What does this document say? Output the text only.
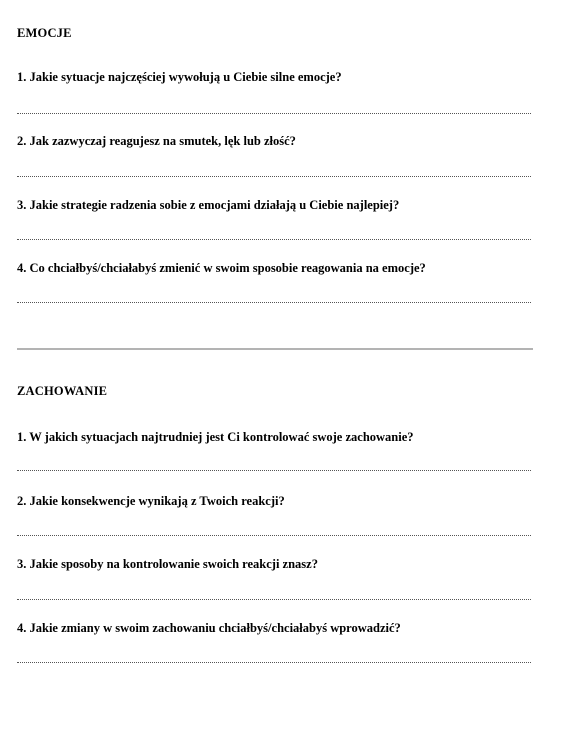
EMOCJE
1. Jakie sytuacje najczęściej wywołują u Ciebie silne emocje?
2. Jak zazwyczaj reagujesz na smutek, lęk lub złość?
3. Jakie strategie radzenia sobie z emocjami działają u Ciebie najlepiej?
4. Co chciałbyś/chciałabyś zmienić w swoim sposobie reagowania na emocje?
ZACHOWANIE
1. W jakich sytuacjach najtrudniej jest Ci kontrolować swoje zachowanie?
2. Jakie konsekwencje wynikają z Twoich reakcji?
3. Jakie sposoby na kontrolowanie swoich reakcji znasz?
4. Jakie zmiany w swoim zachowaniu chciałbyś/chciałabyś wprowadzić?
